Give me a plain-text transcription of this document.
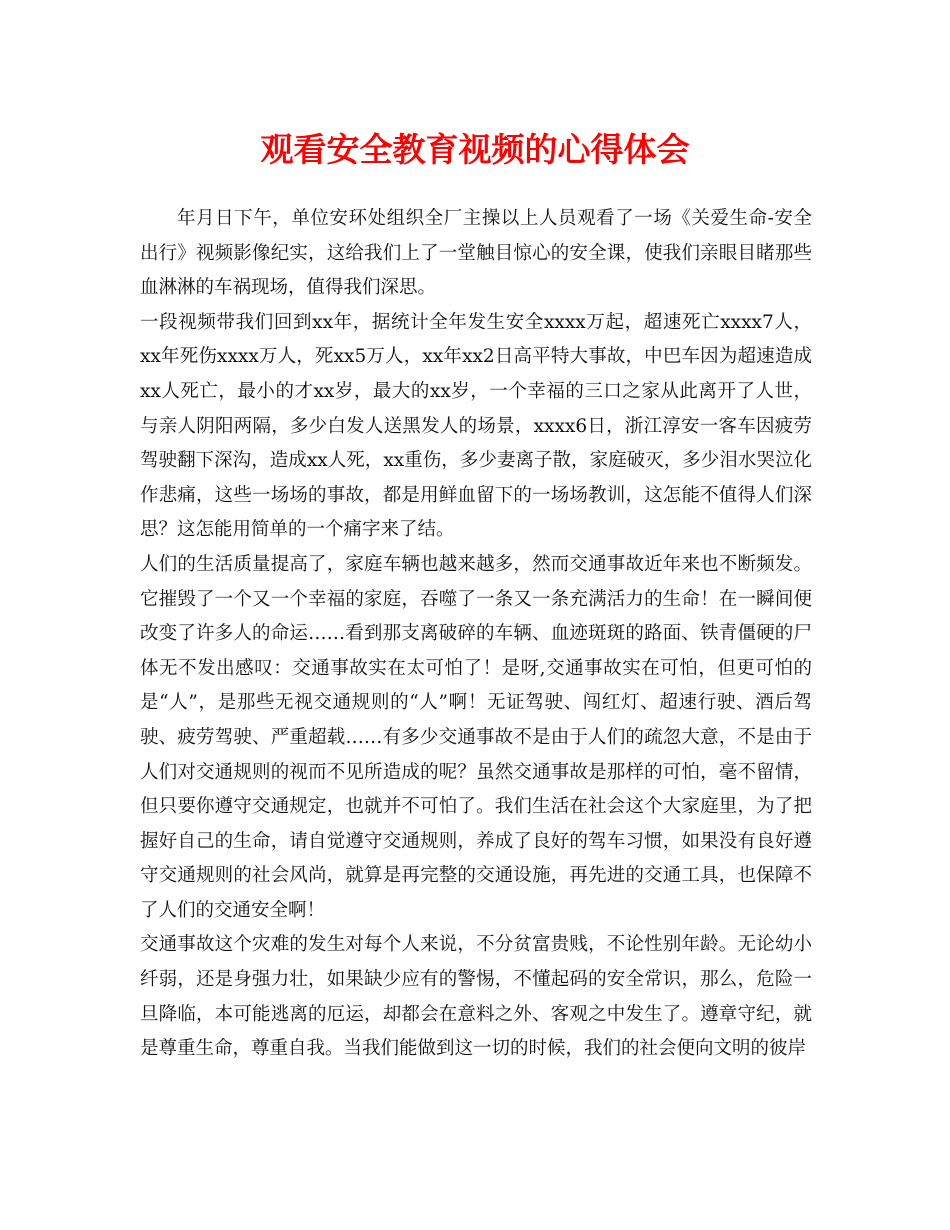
观看安全教育视频的心得体会

年月日下午，单位安环处组织全厂主操以上人员观看了一场《关爱生命-安全出行》视频影像纪实，这给我们上了一堂触目惊心的安全课，使我们亲眼目睹那些血淋淋的车祸现场，值得我们深思。

一段视频带我们回到xx年，据统计全年发生安全xxxx万起，超速死亡xxxx7人，xx年死伤xxxx万人，死xx5万人，xx年xx2日高平特大事故，中巴车因为超速造成xx人死亡，最小的才xx岁，最大的xx岁，一个幸福的三口之家从此离开了人世，与亲人阴阳两隔，多少白发人送黑发人的场景，xxxx6日，浙江淳安一客车因疲劳驾驶翻下深沟，造成xx人死，xx重伤，多少妻离子散，家庭破灭，多少泪水哭泣化作悲痛，这些一场场的事故，都是用鲜血留下的一场场教训，这怎能不值得人们深思？这怎能用简单的一个痛字来了结。

人们的生活质量提高了，家庭车辆也越来越多，然而交通事故近年来也不断频发。它摧毁了一个又一个幸福的家庭，吞噬了一条又一条充满活力的生命！在一瞬间便改变了许多人的命运……看到那支离破碎的车辆、血迹斑斑的路面、铁青僵硬的尸体无不发出感叹：交通事故实在太可怕了！是呀,交通事故实在可怕，但更可怕的是“人”，是那些无视交通规则的“人”啊！无证驾驶、闯红灯、超速行驶、酒后驾驶、疲劳驾驶、严重超载……有多少交通事故不是由于人们的疏忽大意，不是由于人们对交通规则的视而不见所造成的呢？虽然交通事故是那样的可怕，毫不留情，但只要你遵守交通规定，也就并不可怕了。我们生活在社会这个大家庭里，为了把握好自己的生命，请自觉遵守交通规则，养成了良好的驾车习惯，如果没有良好遵守交通规则的社会风尚，就算是再完整的交通设施，再先进的交通工具，也保障不了人们的交通安全啊！

交通事故这个灾难的发生对每个人来说，不分贫富贵贱，不论性别年龄。无论幼小纤弱，还是身强力壮，如果缺少应有的警惕，不懂起码的安全常识，那么，危险一旦降临，本可能逃离的厄运，却都会在意料之外、客观之中发生了。遵章守纪，就是尊重生命，尊重自我。当我们能做到这一切的时候，我们的社会便向文明的彼岸
